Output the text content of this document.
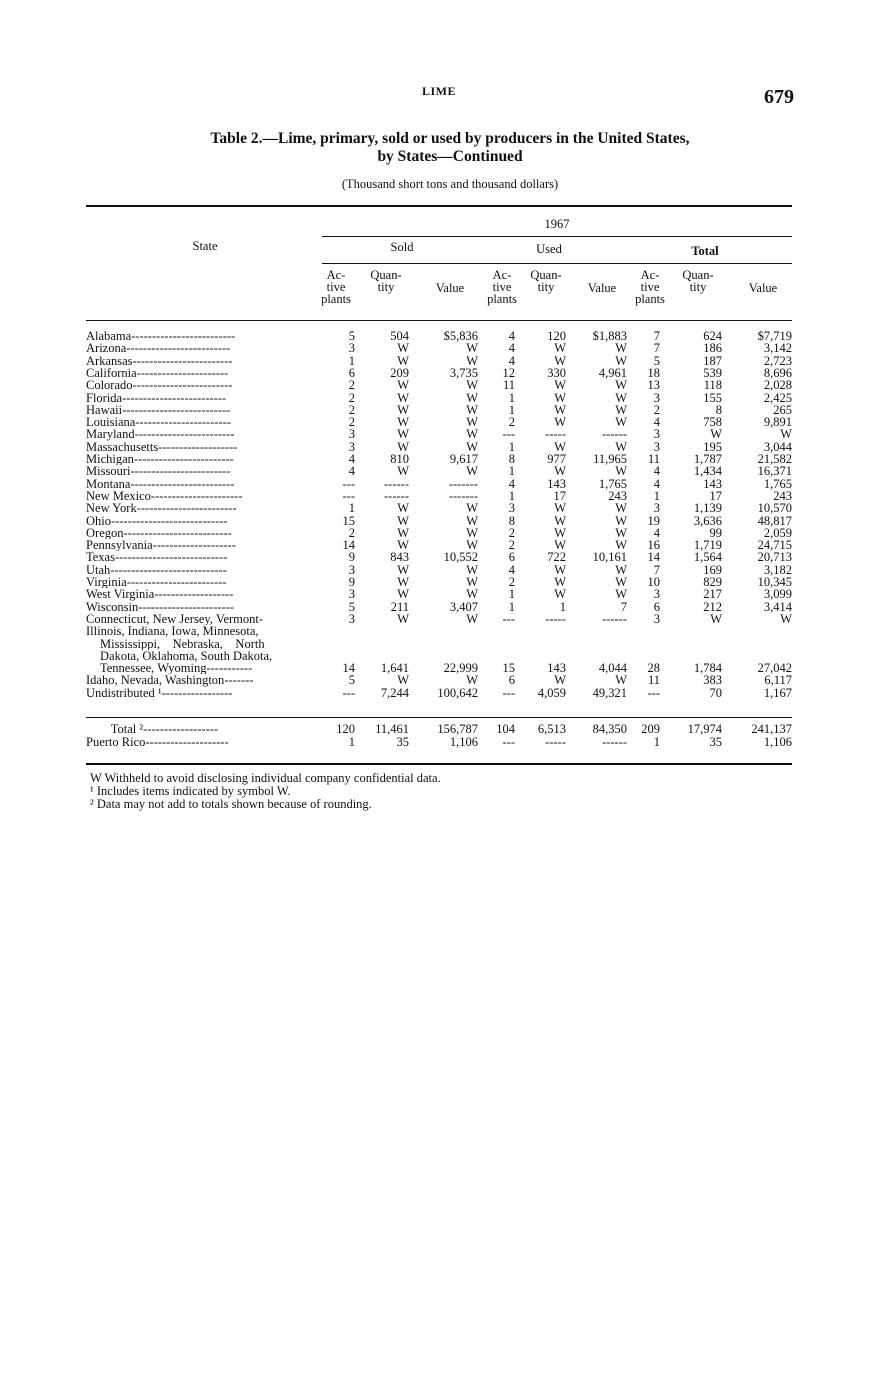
LIME	679
Table 2.—Lime, primary, sold or used by producers in the United States,
by States—Continued
(Thousand short tons and thousand dollars)
1967
State	Sold	Used	Total
Ac-
tive
plants
Quan-
tity	Value
Ac-
tive
plants
Quan-
tity	Value
Ac-
tive
plants
Quan-
tity	Value
Alabama-------------------------	5	504	$5,836	4	120	$1,883	7	624	$7,719
Arizona-------------------------	3	W	W	4	W	W	7	186	3,142
Arkansas------------------------	1	W	W	4	W	W	5	187	2,723
California----------------------	6	209	3,735	12	330	4,961	18	539	8,696
Colorado------------------------	2	W	W	11	W	W	13	118	2,028
Florida-------------------------	2	W	W	1	W	W	3	155	2,425
Hawaii--------------------------	2	W	W	1	W	W	2	8	265
Louisiana-----------------------	2	W	W	2	W	W	4	758	9,891
Maryland------------------------	3	W	W	---	-----	------	3	W	W
Massachusetts-------------------	3	W	W	1	W	W	3	195	3,044
Michigan------------------------	4	810	9,617	8	977	11,965	11	1,787	21,582
Missouri------------------------	4	W	W	1	W	W	4	1,434	16,371
Montana-------------------------	---	------	-------	4	143	1,765	4	143	1,765
New Mexico----------------------	---	------	-------	1	17	243	1	17	243
New York------------------------	1	W	W	3	W	W	3	1,139	10,570
Ohio----------------------------	15	W	W	8	W	W	19	3,636	48,817
Oregon--------------------------	2	W	W	2	W	W	4	99	2,059
Pennsylvania--------------------	14	W	W	2	W	W	16	1,719	24,715
Texas---------------------------	9	843	10,552	6	722	10,161	14	1,564	20,713
Utah----------------------------	3	W	W	4	W	W	7	169	3,182
Virginia------------------------	9	W	W	2	W	W	10	829	10,345
West Virginia-------------------	3	W	W	1	W	W	3	217	3,099
Wisconsin-----------------------	5	211	3,407	1	1	7	6	212	3,414
Connecticut, New Jersey, Vermont-	3	W	W	---	-----	------	3	W	W
Illinois, Indiana, Iowa, Minnesota,
Mississippi,    Nebraska,    North
Dakota, Oklahoma, South Dakota,
Tennessee, Wyoming-----------	14	1,641	22,999	15	143	4,044	28	1,784	27,042
Idaho, Nevada, Washington-------	5	W	W	6	W	W	11	383	6,117
Undistributed ¹-----------------	---	7,244	100,642	---	4,059	49,321	---	70	1,167
Total ²------------------	120	11,461	156,787	104	6,513	84,350	209	17,974	241,137
Puerto Rico--------------------	1	35	1,106	---	-----	------	1	35	1,106
W Withheld to avoid disclosing individual company confidential data.
¹ Includes items indicated by symbol W.
² Data may not add to totals shown because of rounding.
